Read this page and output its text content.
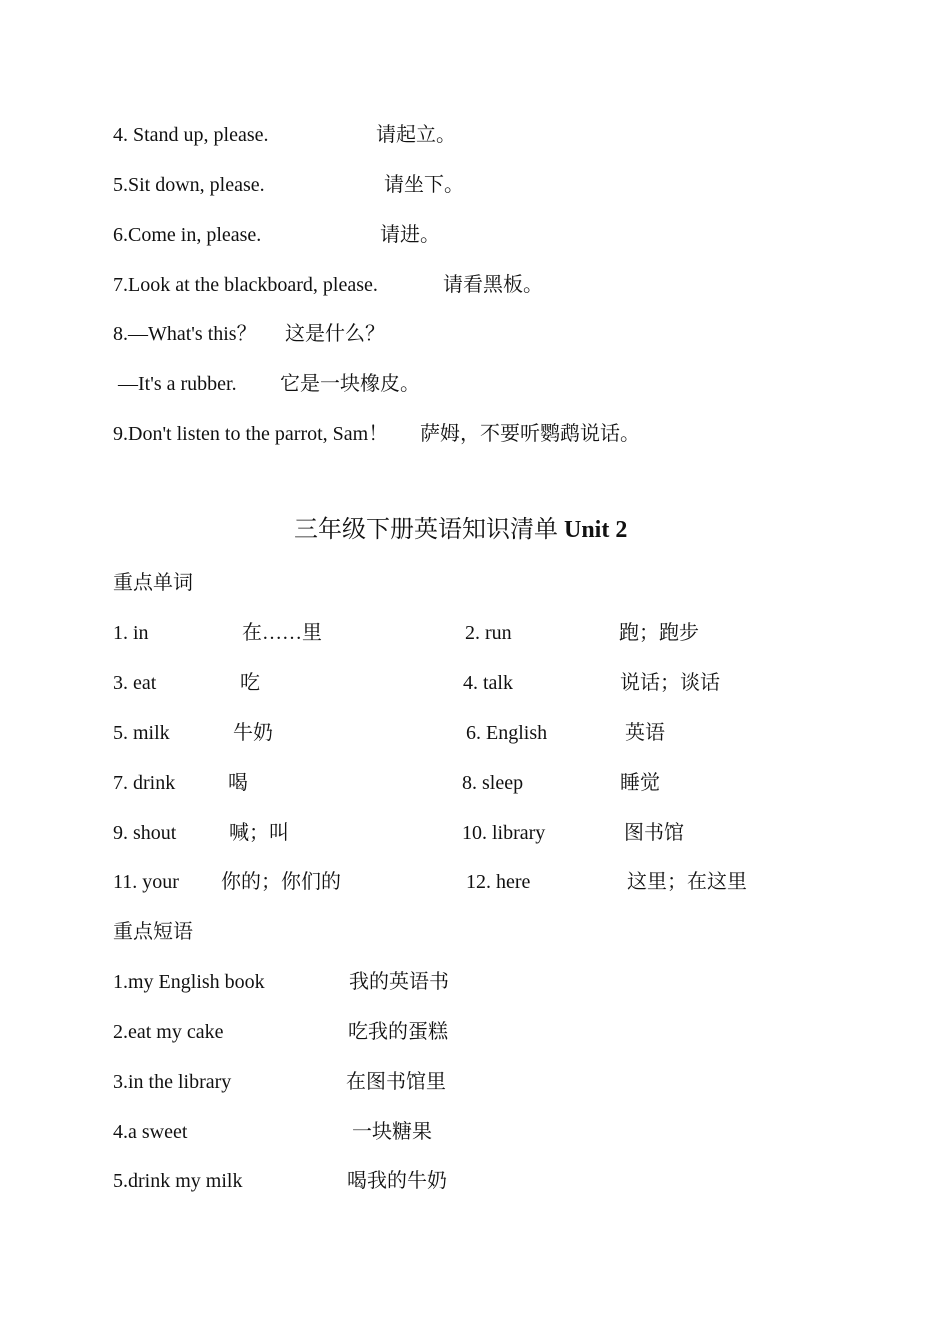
4. Stand up, please.	请起立。
5.Sit down, please.	请坐下。
6.Come in, please.	请进。
7.Look at the blackboard, please.	请看黑板。
8.—What's this？ 这是什么？
—It's a rubber. 它是一块橡皮。
9.Don't listen to the parrot, Sam！ 萨姆，不要听鹦鹉说话。
三年级下册英语知识清单 Unit 2
重点单词
1. in	在……里	2. run	跑；跑步
3. eat	吃	4. talk	说话；谈话
5. milk	牛奶	6. English	英语
7. drink	喝	8. sleep	睡觉
9. shout	喊；叫	10. library	图书馆
11. your 你的；你们的	12. here	这里；在这里
重点短语
1.my English book	我的英语书
2.eat my cake	吃我的蛋糕
3.in the library	在图书馆里
4.a sweet	一块糖果
5.drink my milk	喝我的牛奶
